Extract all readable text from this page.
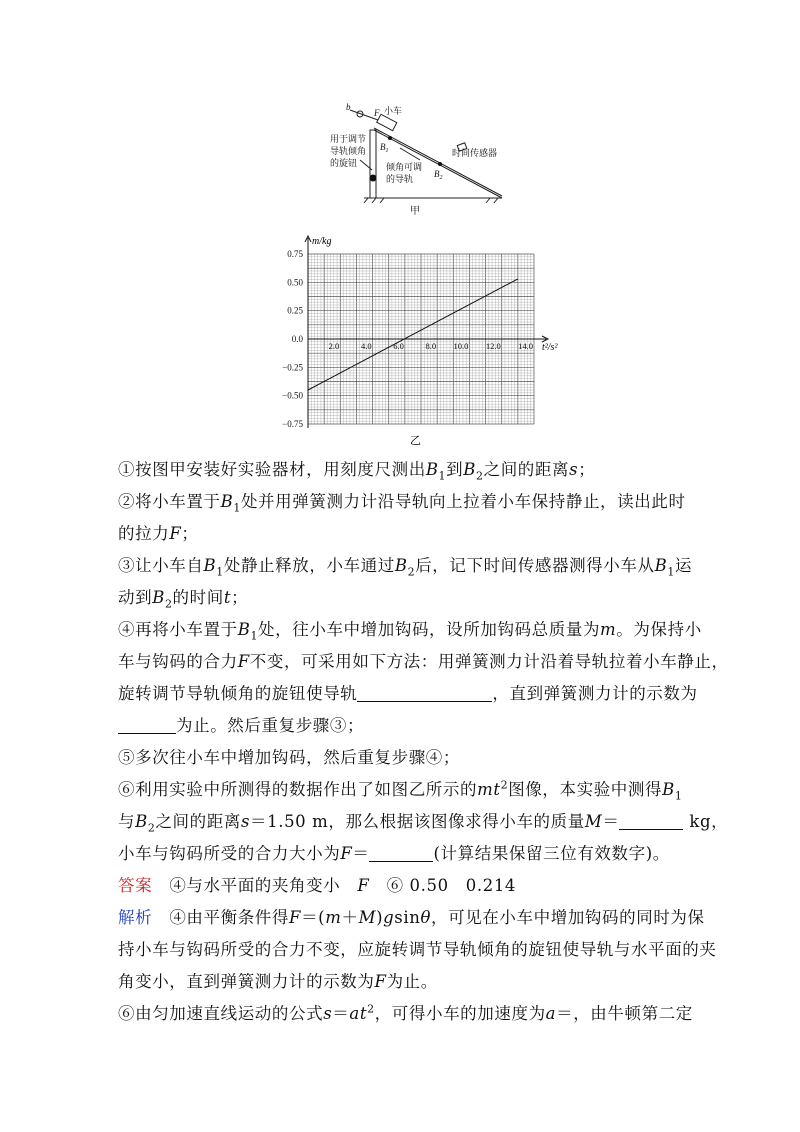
b
F 小车
$B_1$
$B_2$
时间传感器
用于调节
导轨倾角
的旋钮	倾角可调
的导轨
甲
0.75
0.50
0.25
0.0
−0.25
−0.50
−0.75
2.0	4.0	6.0	8.0 10.0 12.0 14.0
m/kg
t²/s²
乙
①按图甲安装好实验器材，用刻度尺测出$B_1$到$B_2$之间的距离s；
②将小车置于$B_1$处并用弹簧测力计沿导轨向上拉着小车保持静止，读出此时
的拉力F；
③让小车自$B_1$处静止释放，小车通过$B_2$后，记下时间传感器测得小车从$B_1$运
动到$B_2$的时间t；
④再将小车置于$B_1$处，往小车中增加钩码，设所加钩码总质量为m。为保持小
车与钩码的合力F不变，可采用如下方法：用弹簧测力计沿着导轨拉着小车静止，
旋转调节导轨倾角的旋钮使导轨	，直到弹簧测力计的示数为
为止。然后重复步骤③；
⑤多次往小车中增加钩码，然后重复步骤④；
⑥利用实验中所测得的数据作出了如图乙所示的$mt^2$图像，本实验中测得$B_1$
与$B_2$之间的距离s＝1.50 m，那么根据该图像求得小车的质量M＝	kg，
小车与钩码所受的合力大小为F＝	(计算结果保留三位有效数字)。
答案　 ④与水平面的夹角变小　 F　 ⑥ 0.50　0.214
解析　 ④由平衡条件得F＝(m＋M)gsinθ，可见在小车中增加钩码的同时为保
持小车与钩码所受的合力不变，应旋转调节导轨倾角的旋钮使导轨与水平面的夹
角变小，直到弹簧测力计的示数为F为止。
⑥由匀加速直线运动的公式$s=at^2$，可得小车的加速度为a＝，由牛顿第二定
